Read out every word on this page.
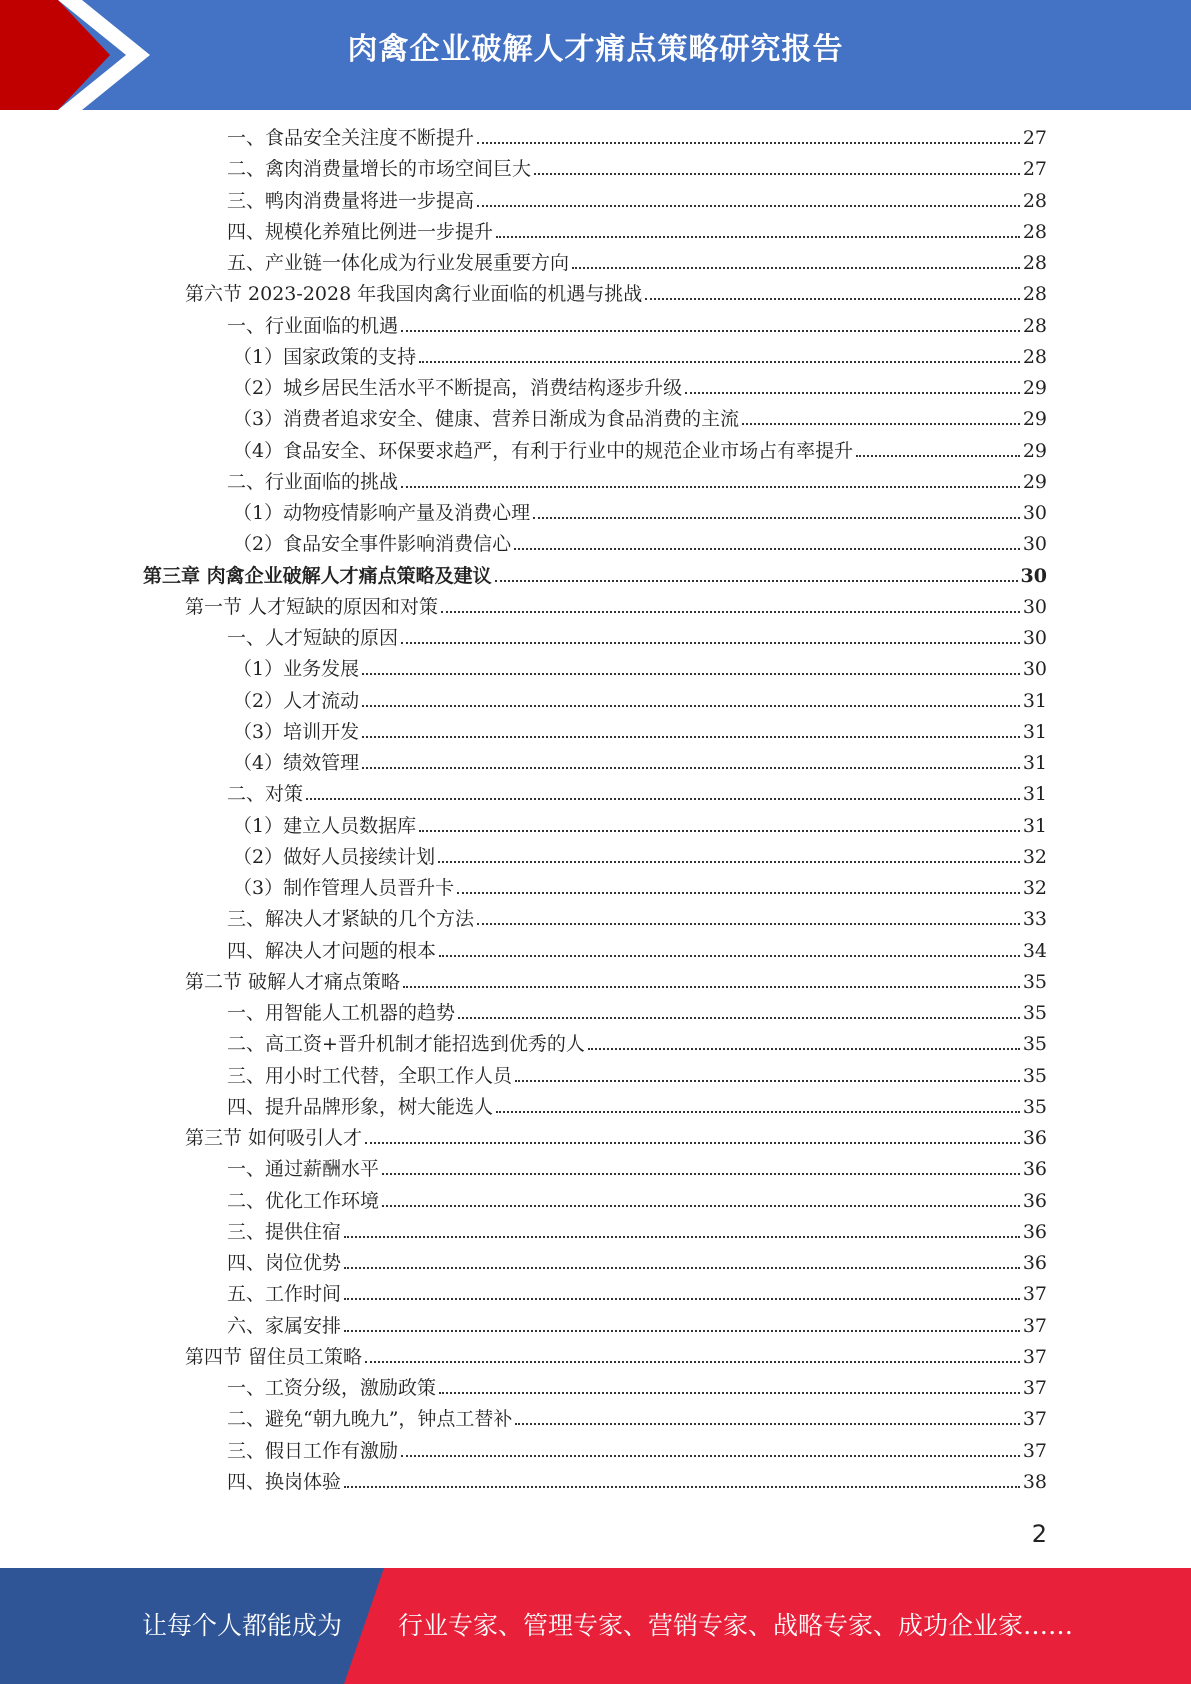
肉禽企业破解人才痛点策略研究报告
一、食品安全关注度不断提升	27
二、禽肉消费量增长的市场空间巨大	27
三、鸭肉消费量将进一步提高	28
四、规模化养殖比例进一步提升	28
五、产业链一体化成为行业发展重要方向	28
第六节 2023-2028 年我国肉禽行业面临的机遇与挑战	28
一、行业面临的机遇	28
（1）国家政策的支持	28
（2）城乡居民生活水平不断提高，消费结构逐步升级	29
（3）消费者追求安全、健康、营养日渐成为食品消费的主流	29
（4）食品安全、环保要求趋严，有利于行业中的规范企业市场占有率提升	29
二、行业面临的挑战	29
（1）动物疫情影响产量及消费心理	30
（2）食品安全事件影响消费信心	30
第三章 肉禽企业破解人才痛点策略及建议	30
第一节 人才短缺的原因和对策	30
一、人才短缺的原因	30
（1）业务发展	30
（2）人才流动	31
（3）培训开发	31
（4）绩效管理	31
二、对策	31
（1）建立人员数据库	31
（2）做好人员接续计划	32
（3）制作管理人员晋升卡	32
三、解决人才紧缺的几个方法	33
四、解决人才问题的根本	34
第二节 破解人才痛点策略	35
一、用智能人工机器的趋势	35
二、高工资+晋升机制才能招选到优秀的人	35
三、用小时工代替，全职工作人员	35
四、提升品牌形象，树大能选人	35
第三节 如何吸引人才	36
一、通过薪酬水平	36
二、优化工作环境	36
三、提供住宿	36
四、岗位优势	36
五、工作时间	37
六、家属安排	37
第四节 留住员工策略	37
一、工资分级，激励政策	37
二、避免“朝九晚九”，钟点工替补	37
三、假日工作有激励	37
四、换岗体验	38
2
让每个人都能成为 行业专家、管理专家、营销专家、战略专家、成功企业家……
